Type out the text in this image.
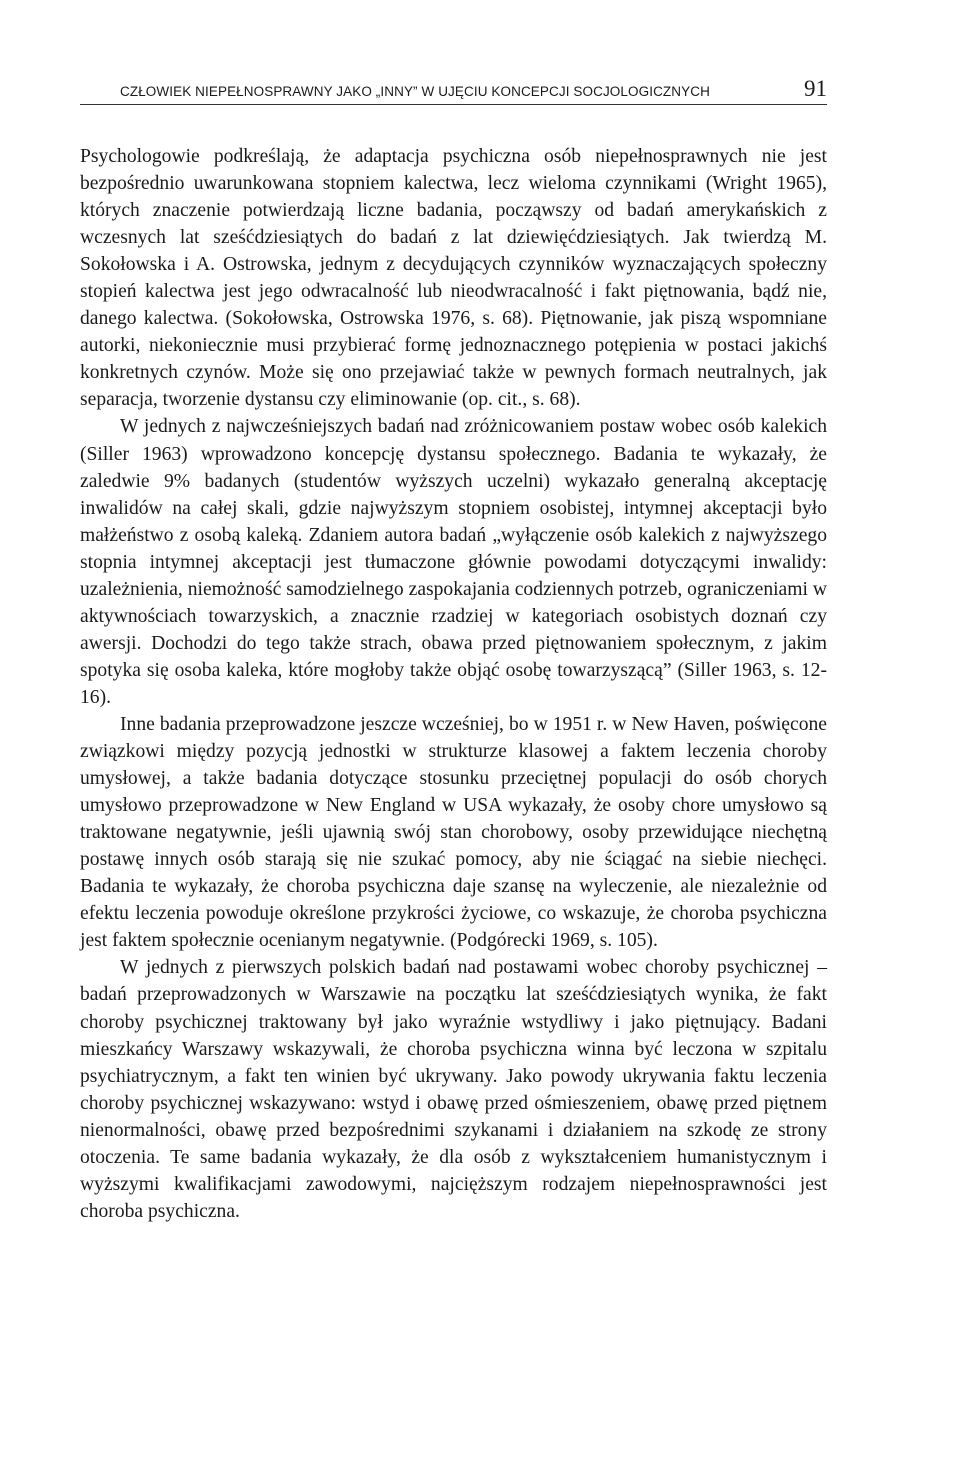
CZŁOWIEK NIEPEŁNOSPRAWNY JAKO „INNY” W UJĘCIU KONCEPCJI SOCJOLOGICZNYCH	91

Psychologowie podkreślają, że adaptacja psychiczna osób niepełnosprawnych nie jest bezpośrednio uwarunkowana stopniem kalectwa, lecz wieloma czynnikami (Wright 1965), których znaczenie potwierdzają liczne badania, począwszy od badań amerykańskich z wczesnych lat sześćdziesiątych do badań z lat dziewięćdziesiątych. Jak twierdzą M. Sokołowska i A. Ostrowska, jednym z decydujących czynników wyznaczających społeczny stopień kalectwa jest jego odwracalność lub nieodwracalność i fakt piętnowania, bądź nie, danego kalectwa. (Sokołowska, Ostrowska 1976, s. 68). Piętnowanie, jak piszą wspomniane autorki, niekoniecznie musi przybierać formę jednoznacznego potępienia w postaci jakichś konkretnych czynów. Może się ono przejawiać także w pewnych formach neutralnych, jak separacja, tworzenie dystansu czy eliminowanie (op. cit., s. 68).

W jednych z najwcześniejszych badań nad zróżnicowaniem postaw wobec osób kalekich (Siller 1963) wprowadzono koncepcję dystansu społecznego. Badania te wykazały, że zaledwie 9% badanych (studentów wyższych uczelni) wykazało generalną akceptację inwalidów na całej skali, gdzie najwyższym stopniem osobistej, intymnej akceptacji było małżeństwo z osobą kaleką. Zdaniem autora badań „wyłączenie osób kalekich z najwyższego stopnia intymnej akceptacji jest tłumaczone głównie powodami dotyczącymi inwalidy: uzależnienia, niemożność samodzielnego zaspokajania codziennych potrzeb, ograniczeniami w aktywnościach towarzyskich, a znacznie rzadziej w kategoriach osobistych doznań czy awersji. Dochodzi do tego także strach, obawa przed piętnowaniem społecznym, z jakim spotyka się osoba kaleka, które mogłoby także objąć osobę towarzyszącą” (Siller 1963, s. 12-16).

Inne badania przeprowadzone jeszcze wcześniej, bo w 1951 r. w New Haven, poświęcone związkowi między pozycją jednostki w strukturze klasowej a faktem leczenia choroby umysłowej, a także badania dotyczące stosunku przeciętnej populacji do osób chorych umysłowo przeprowadzone w New England w USA wykazały, że osoby chore umysłowo są traktowane negatywnie, jeśli ujawnią swój stan chorobowy, osoby przewidujące niechętną postawę innych osób starają się nie szukać pomocy, aby nie ściągać na siebie niechęci. Badania te wykazały, że choroba psychiczna daje szansę na wyleczenie, ale niezależnie od efektu leczenia powoduje określone przykrości życiowe, co wskazuje, że choroba psychiczna jest faktem społecznie ocenianym negatywnie. (Podgórecki 1969, s. 105).

W jednych z pierwszych polskich badań nad postawami wobec choroby psychicznej – badań przeprowadzonych w Warszawie na początku lat sześćdziesiątych wynika, że fakt choroby psychicznej traktowany był jako wyraźnie wstydliwy i jako piętnujący. Badani mieszkańcy Warszawy wskazywali, że choroba psychiczna winna być leczona w szpitalu psychiatrycznym, a fakt ten winien być ukrywany. Jako powody ukrywania faktu leczenia choroby psychicznej wskazywano: wstyd i obawę przed ośmieszeniem, obawę przed piętnem nienormalności, obawę przed bezpośrednimi szykanami i działaniem na szkodę ze strony otoczenia. Te same badania wykazały, że dla osób z wykształceniem humanistycznym i wyższymi kwalifikacjami zawodowymi, najcięższym rodzajem niepełnosprawności jest choroba psychiczna.
